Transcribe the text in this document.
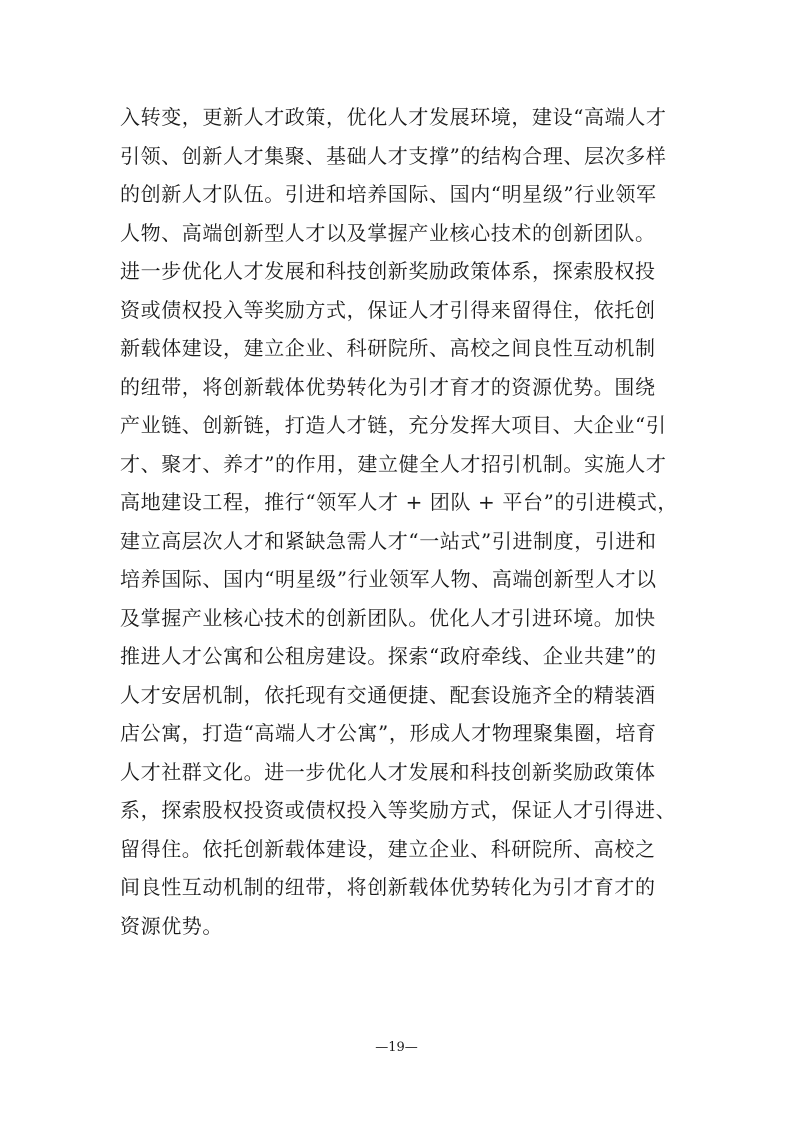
入转变，更新人才政策，优化人才发展环境，建设“高端人才
引领、创新人才集聚、基础人才支撑”的结构合理、层次多样
的创新人才队伍。引进和培养国际、国内“明星级”行业领军
人物、高端创新型人才以及掌握产业核心技术的创新团队。
进一步优化人才发展和科技创新奖励政策体系，探索股权投
资或债权投入等奖励方式，保证人才引得来留得住，依托创
新载体建设，建立企业、科研院所、高校之间良性互动机制
的纽带，将创新载体优势转化为引才育才的资源优势。围绕
产业链、创新链，打造人才链，充分发挥大项目、大企业“引
才、聚才、养才”的作用，建立健全人才招引机制。实施人才
高地建设工程，推行“领军人才 + 团队 + 平台”的引进模式，
建立高层次人才和紧缺急需人才“一站式”引进制度，引进和
培养国际、国内“明星级”行业领军人物、高端创新型人才以
及掌握产业核心技术的创新团队。优化人才引进环境。加快
推进人才公寓和公租房建设。探索“政府牵线、企业共建”的
人才安居机制，依托现有交通便捷、配套设施齐全的精装酒
店公寓，打造“高端人才公寓”，形成人才物理聚集圈，培育
人才社群文化。进一步优化人才发展和科技创新奖励政策体
系，探索股权投资或债权投入等奖励方式，保证人才引得进、
留得住。依托创新载体建设，建立企业、科研院所、高校之
间良性互动机制的纽带，将创新载体优势转化为引才育才的
资源优势。
—19—
